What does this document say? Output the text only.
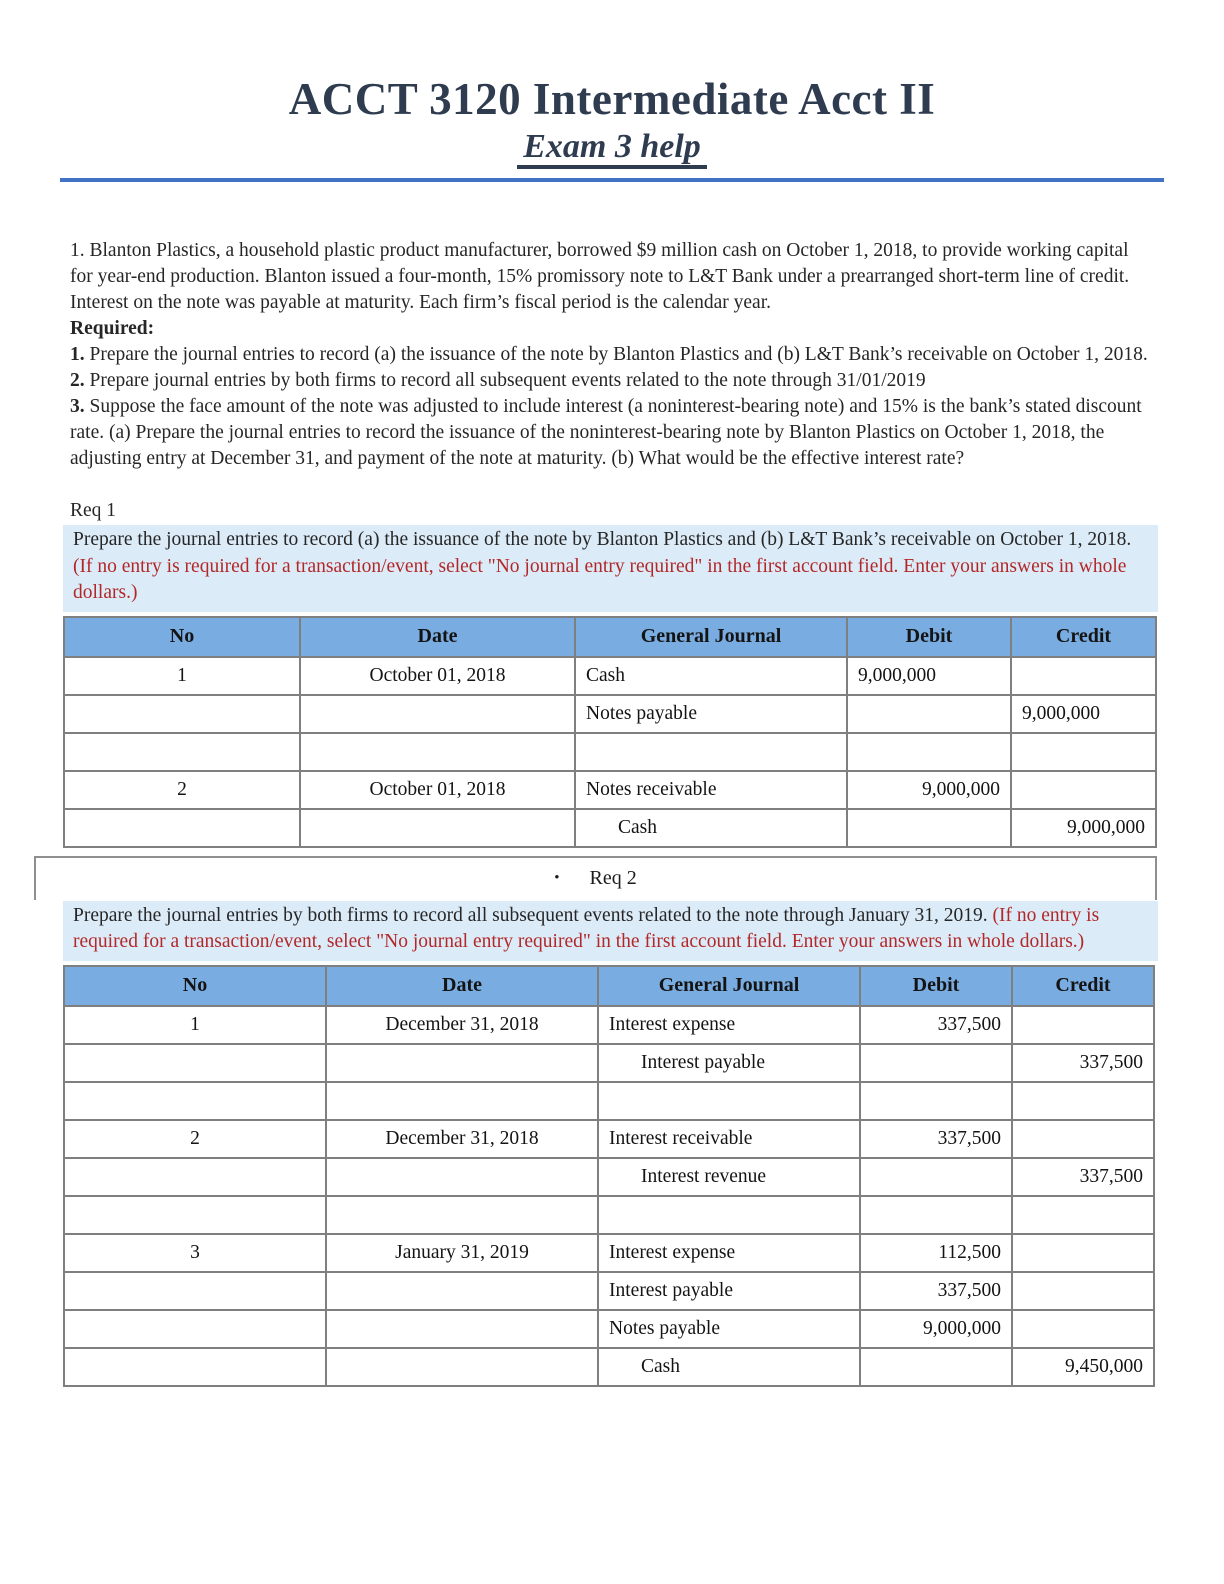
ACCT 3120 Intermediate Acct II
Exam 3 help

1. Blanton Plastics, a household plastic product manufacturer, borrowed $9 million cash on October 1, 2018, to provide working capital for year-end production. Blanton issued a four-month, 15% promissory note to L&T Bank under a prearranged short-term line of credit. Interest on the note was payable at maturity. Each firm’s fiscal period is the calendar year.

Required:

1. Prepare the journal entries to record (a) the issuance of the note by Blanton Plastics and (b) L&T Bank’s receivable on October 1, 2018.

2. Prepare journal entries by both firms to record all subsequent events related to the note through 31/01/2019

3. Suppose the face amount of the note was adjusted to include interest (a noninterest-bearing note) and 15% is the bank’s stated discount rate. (a) Prepare the journal entries to record the issuance of the noninterest-bearing note by Blanton Plastics on October 1, 2018, the adjusting entry at December 31, and payment of the note at maturity. (b) What would be the effective interest rate?

Req 1

Prepare the journal entries to record (a) the issuance of the note by Blanton Plastics and (b) L&T Bank’s receivable on October 1, 2018. (If no entry is required for a transaction/event, select "No journal entry required" in the first account field. Enter your answers in whole dollars.)
No	Date	General Journal	Debit	Credit
1	October 01, 2018	Cash	9,000,000	
		Notes payable		9,000,000

2	October 01, 2018	Notes receivable	9,000,000	
		Cash		9,000,000
• Req 2
Prepare the journal entries by both firms to record all subsequent events related to the note through January 31, 2019. (If no entry is required for a transaction/event, select "No journal entry required" in the first account field. Enter your answers in whole dollars.)
No	Date	General Journal	Debit	Credit
1	December 31, 2018	Interest expense	337,500	
		Interest payable		337,500

2	December 31, 2018	Interest receivable	337,500	
		Interest revenue		337,500

3	January 31, 2019	Interest expense	112,500	
		Interest payable	337,500	
		Notes payable	9,000,000	
		Cash		9,450,000
